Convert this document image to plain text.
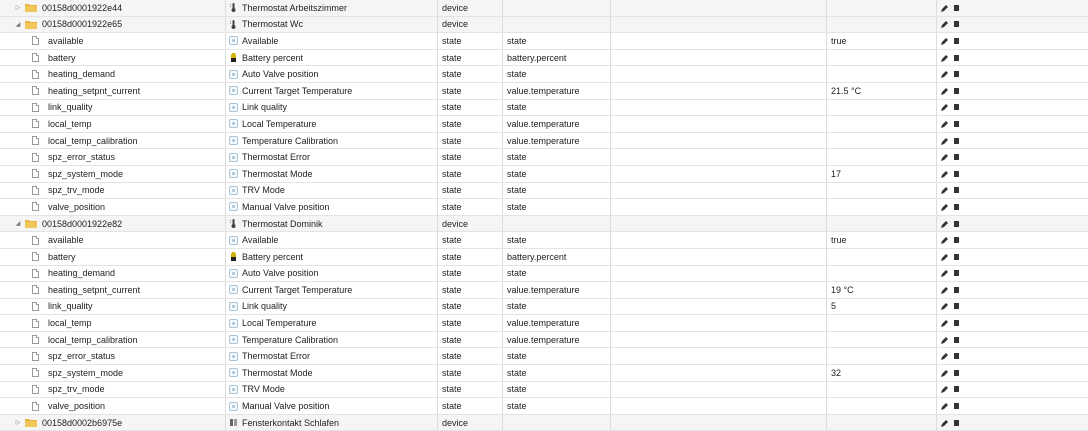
▷ 00158d0001922e44	Thermostat Arbeitszimmer	device
◢ 00158d0001922e65	Thermostat Wc	device
available	Available	state	state	true
battery	Battery percent	state	battery.percent
heating_demand	Auto Valve position	state	state
heating_setpnt_current	Current Target Temperature	state	value.temperature	21.5 °C
link_quality	Link quality	state	state
local_temp	Local Temperature	state	value.temperature
local_temp_calibration	Temperature Calibration	state	value.temperature
spz_error_status	Thermostat Error	state	state
spz_system_mode	Thermostat Mode	state	state	17
spz_trv_mode	TRV Mode	state	state
valve_position	Manual Valve position	state	state
◢ 00158d0001922e82	Thermostat Dominik	device
available	Available	state	state	true
battery	Battery percent	state	battery.percent
heating_demand	Auto Valve position	state	state
heating_setpnt_current	Current Target Temperature	state	value.temperature	19 °C
link_quality	Link quality	state	state	5
local_temp	Local Temperature	state	value.temperature
local_temp_calibration	Temperature Calibration	state	value.temperature
spz_error_status	Thermostat Error	state	state
spz_system_mode	Thermostat Mode	state	state	32
spz_trv_mode	TRV Mode	state	state
valve_position	Manual Valve position	state	state
▷ 00158d0002b6975e	Fensterkontakt Schlafen	device
